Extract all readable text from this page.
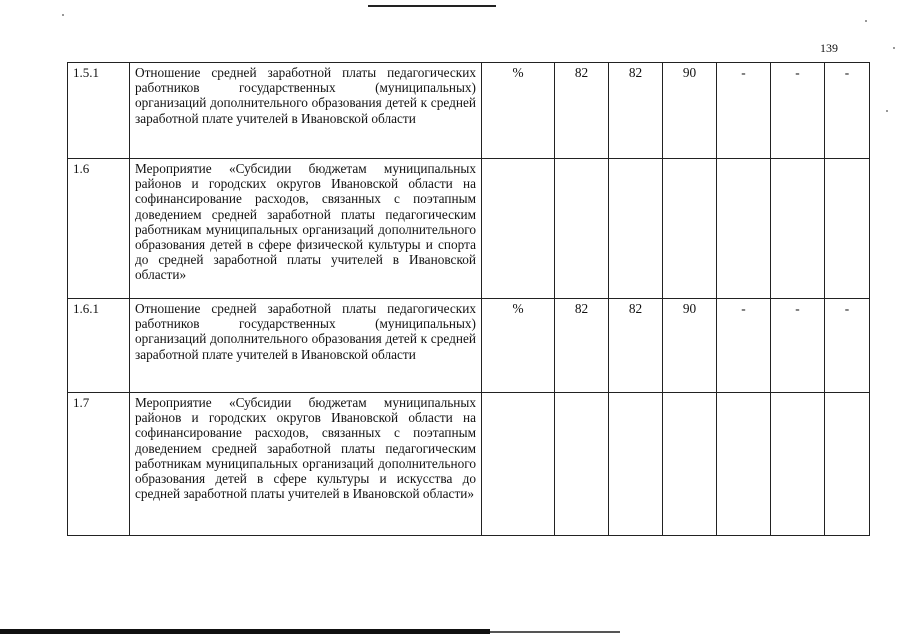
139
1.5.1	Отношение средней заработной платы педагогических работников государственных (муниципальных) организаций дополнительного образования детей к средней заработной плате учителей в Ивановской области	%	82	82	90	-	-	-
1.6	Мероприятие «Субсидии бюджетам муниципальных районов и городских округов Ивановской области на софинансирование расходов, связанных с поэтапным доведением средней заработной платы педагогическим работникам муниципальных организаций дополнительного образования детей в сфере физической культуры и спорта до средней заработной платы учителей в Ивановской области»							
1.6.1	Отношение средней заработной платы педагогических работников государственных (муниципальных) организаций дополнительного образования детей к средней заработной плате учителей в Ивановской области	%	82	82	90	-	-	-
1.7	Мероприятие «Субсидии бюджетам муниципальных районов и городских округов Ивановской области на софинансирование расходов, связанных с поэтапным доведением средней заработной платы педагогическим работникам муниципальных организаций дополнительного образования детей в сфере культуры и искусства до средней заработной платы учителей в Ивановской области»							
